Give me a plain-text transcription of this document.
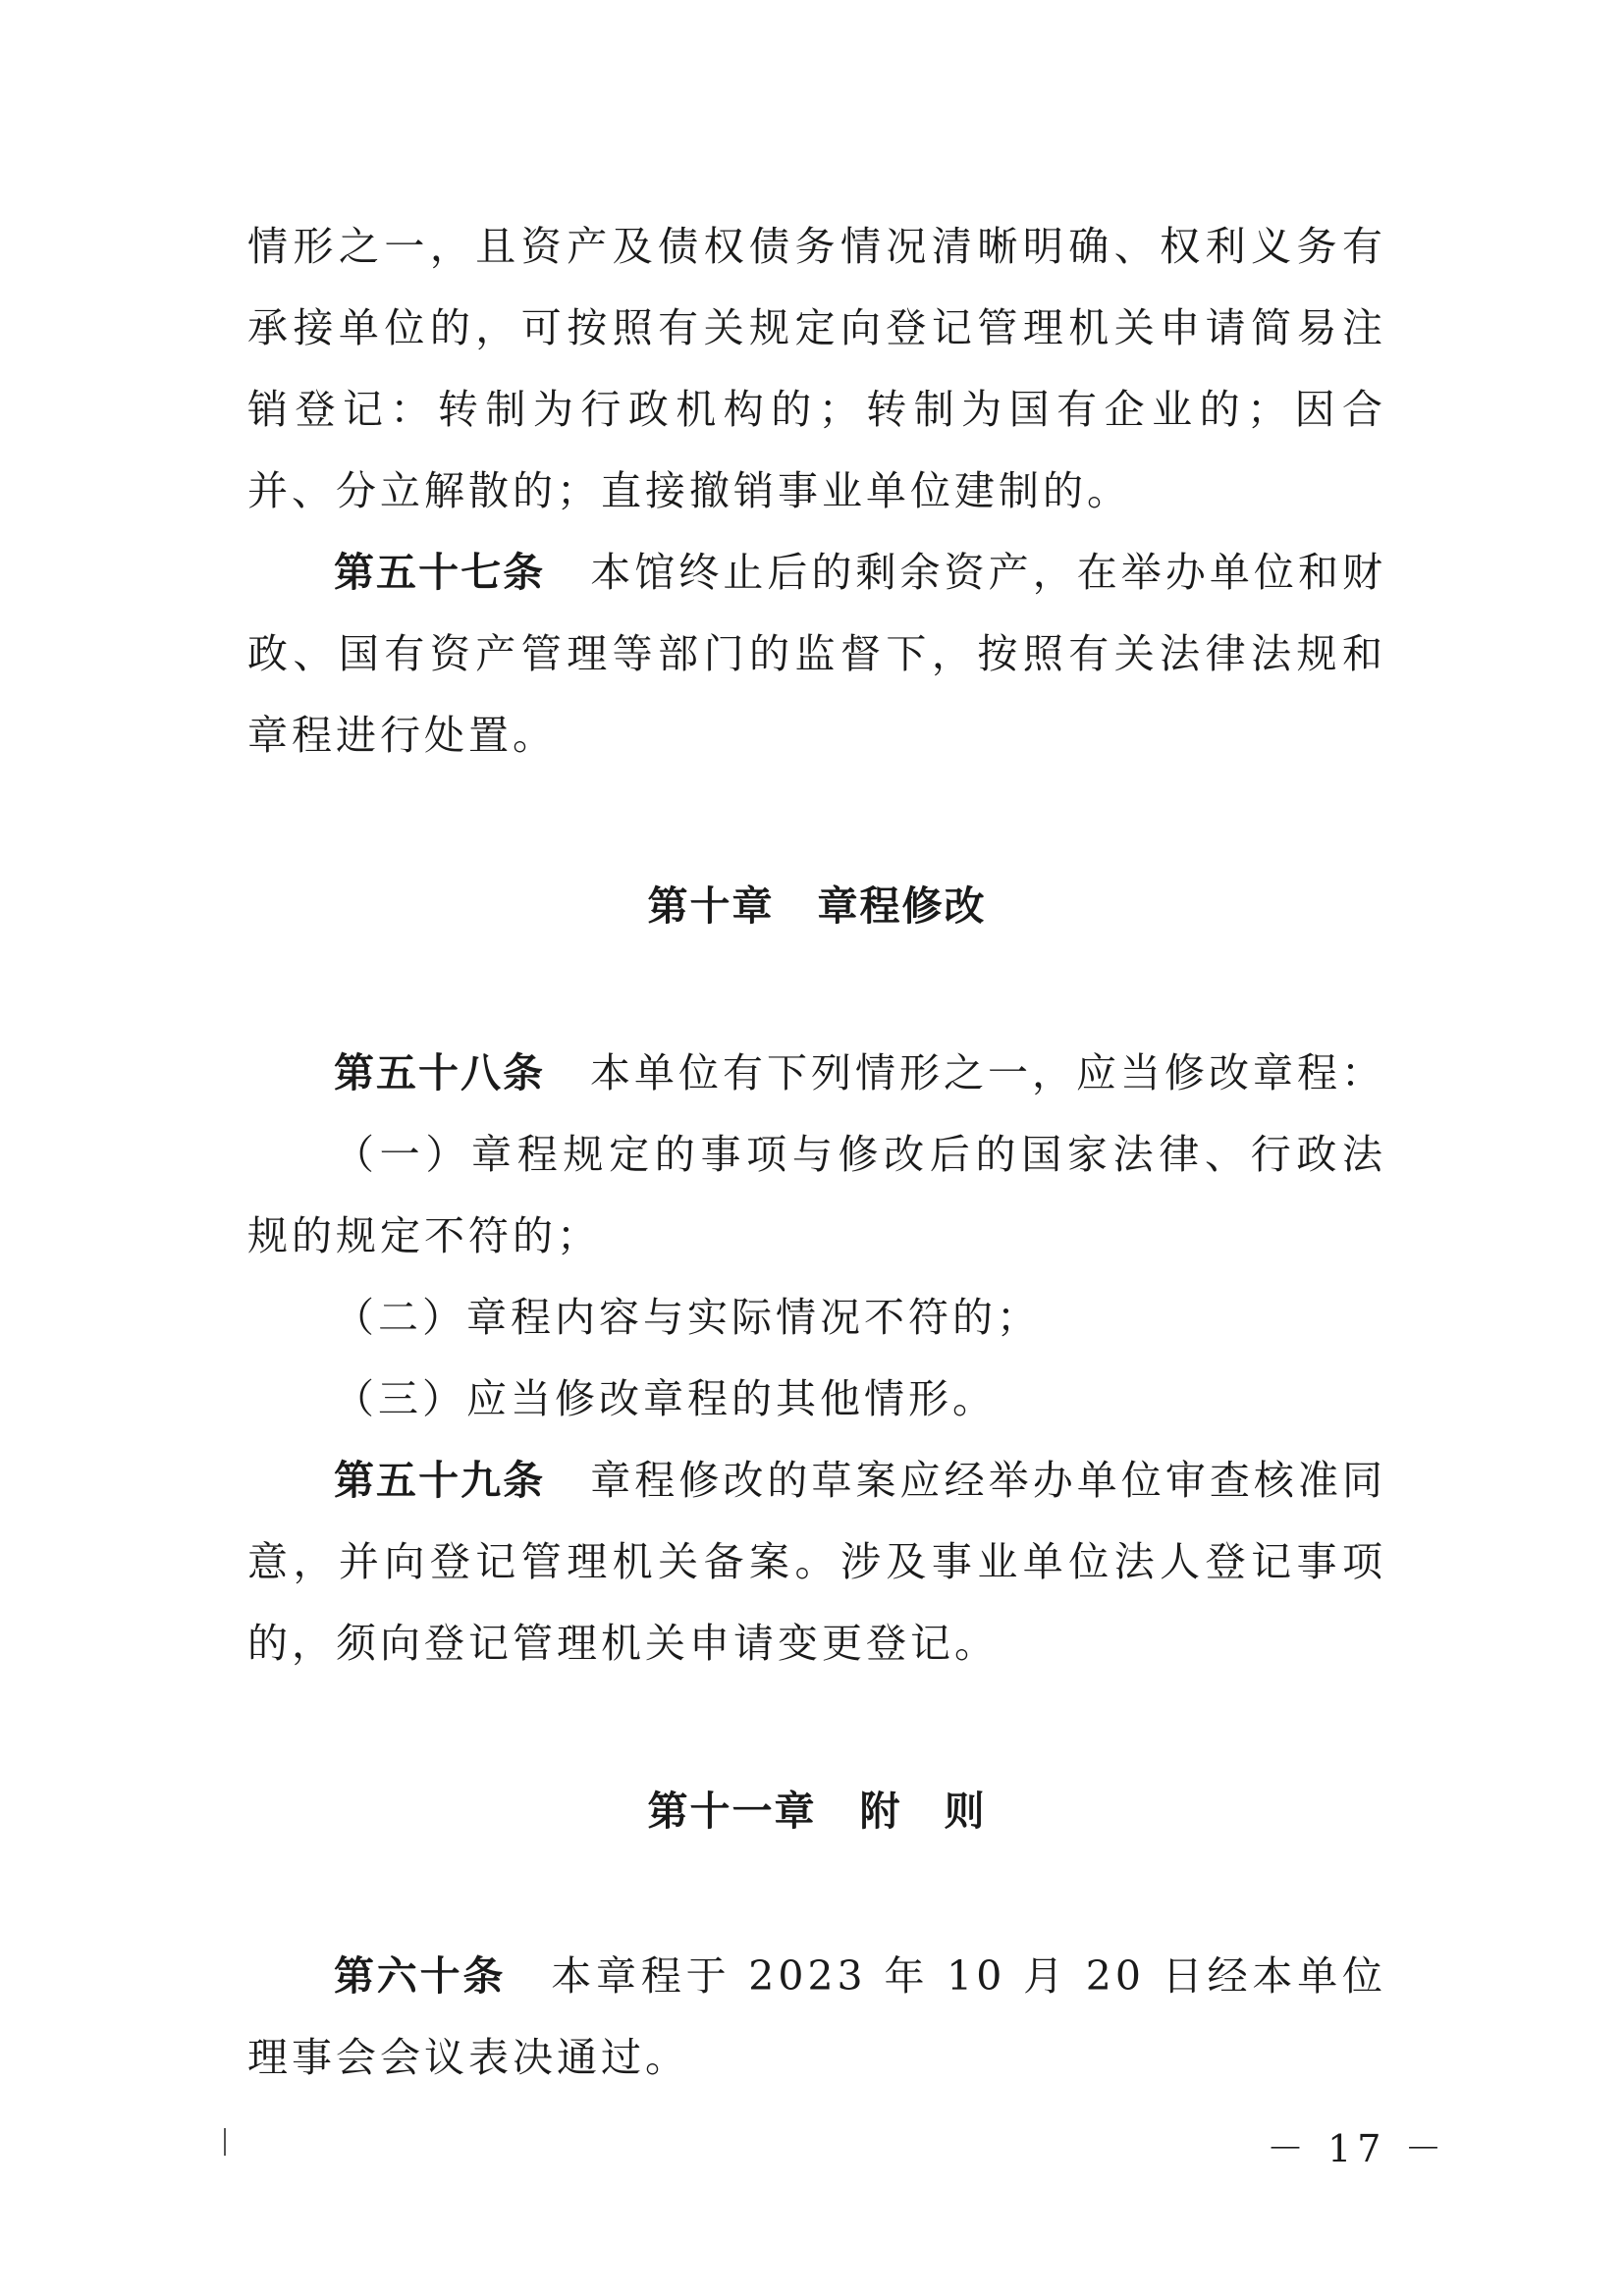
情形之一，且资产及债权债务情况清晰明确、权利义务有承接单位的，可按照有关规定向登记管理机关申请简易注销登记：转制为行政机构的；转制为国有企业的；因合并、分立解散的；直接撤销事业单位建制的。

第五十七条 本馆终止后的剩余资产，在举办单位和财政、国有资产管理等部门的监督下，按照有关法律法规和章程进行处置。

第十章 章程修改

第五十八条 本单位有下列情形之一，应当修改章程：

（一）章程规定的事项与修改后的国家法律、行政法规的规定不符的；

（二）章程内容与实际情况不符的；

（三）应当修改章程的其他情形。

第五十九条 章程修改的草案应经举办单位审查核准同意，并向登记管理机关备案。涉及事业单位法人登记事项的，须向登记管理机关申请变更登记。

第十一章 附　则

第六十条 本章程于 2023 年 10 月 20 日经本单位理事会会议表决通过。

－ 17 －
